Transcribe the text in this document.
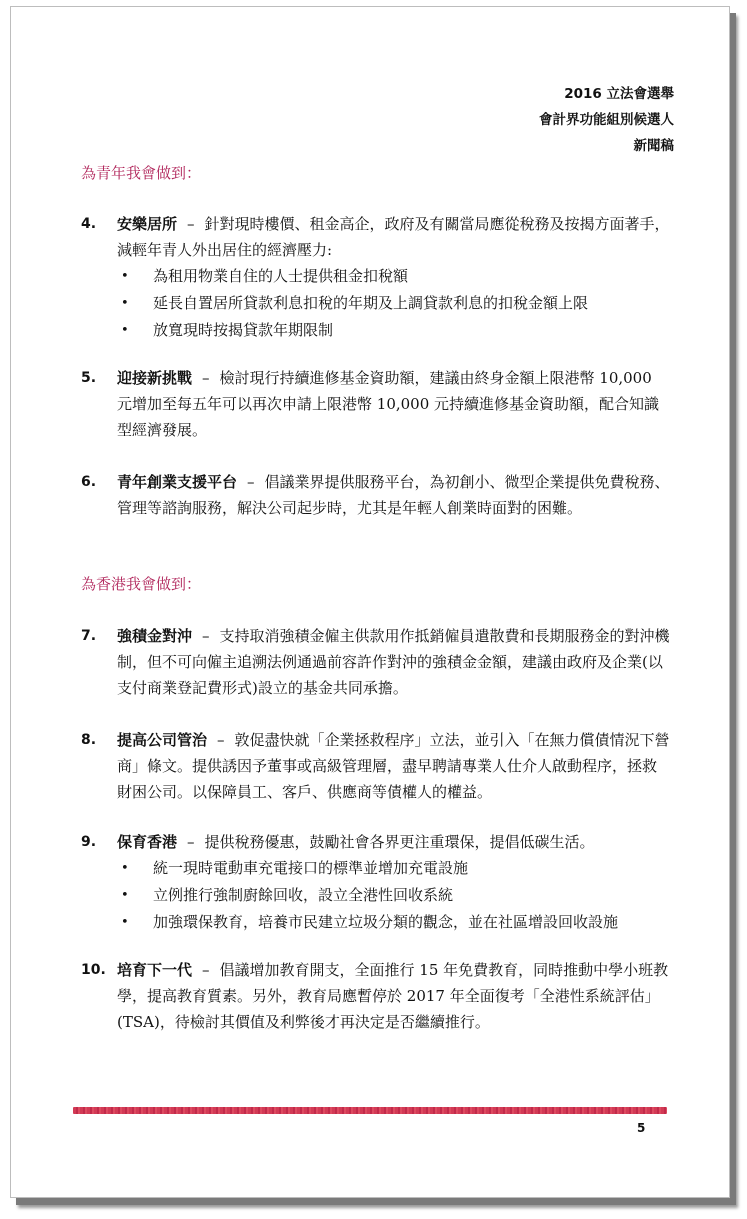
2016 立法會選舉
會計界功能組別候選人
新聞稿
為青年我會做到：
4. 安樂居所 – 針對現時樓價、租金高企，政府及有關當局應從稅務及按揭方面著手，減輕年青人外出居住的經濟壓力:
• 為租用物業自住的人士提供租金扣稅額
• 延長自置居所貸款利息扣稅的年期及上調貸款利息的扣稅金額上限
• 放寬現時按揭貸款年期限制
5. 迎接新挑戰 – 檢討現行持續進修基金資助額，建議由終身金額上限港幣 10,000 元增加至每五年可以再次申請上限港幣 10,000 元持續進修基金資助額，配合知識型經濟發展。
6. 青年創業支援平台 – 倡議業界提供服務平台，為初創小、微型企業提供免費稅務、管理等諮詢服務，解決公司起步時，尤其是年輕人創業時面對的困難。
為香港我會做到：
7. 強積金對沖 – 支持取消強積金僱主供款用作抵銷僱員遣散費和長期服務金的對沖機制，但不可向僱主追溯法例通過前容許作對沖的強積金金額，建議由政府及企業(以支付商業登記費形式)設立的基金共同承擔。
8. 提高公司管治 – 敦促盡快就「企業拯救程序」立法，並引入「在無力償債情況下營商」條文。提供誘因予董事或高級管理層，盡早聘請專業人仕介人啟動程序，拯救財困公司。以保障員工、客戶、供應商等債權人的權益。
9. 保育香港 – 提供稅務優惠，鼓勵社會各界更注重環保，提倡低碳生活。
• 統一現時電動車充電接口的標準並增加充電設施
• 立例推行強制廚餘回收，設立全港性回收系統
• 加強環保教育，培養市民建立垃圾分類的觀念，並在社區增設回收設施
10. 培育下一代 – 倡議增加教育開支，全面推行 15 年免費教育，同時推動中學小班教學，提高教育質素。另外，教育局應暫停於 2017 年全面復考「全港性系統評估」(TSA)，待檢討其價值及利弊後才再決定是否繼續推行。
5
